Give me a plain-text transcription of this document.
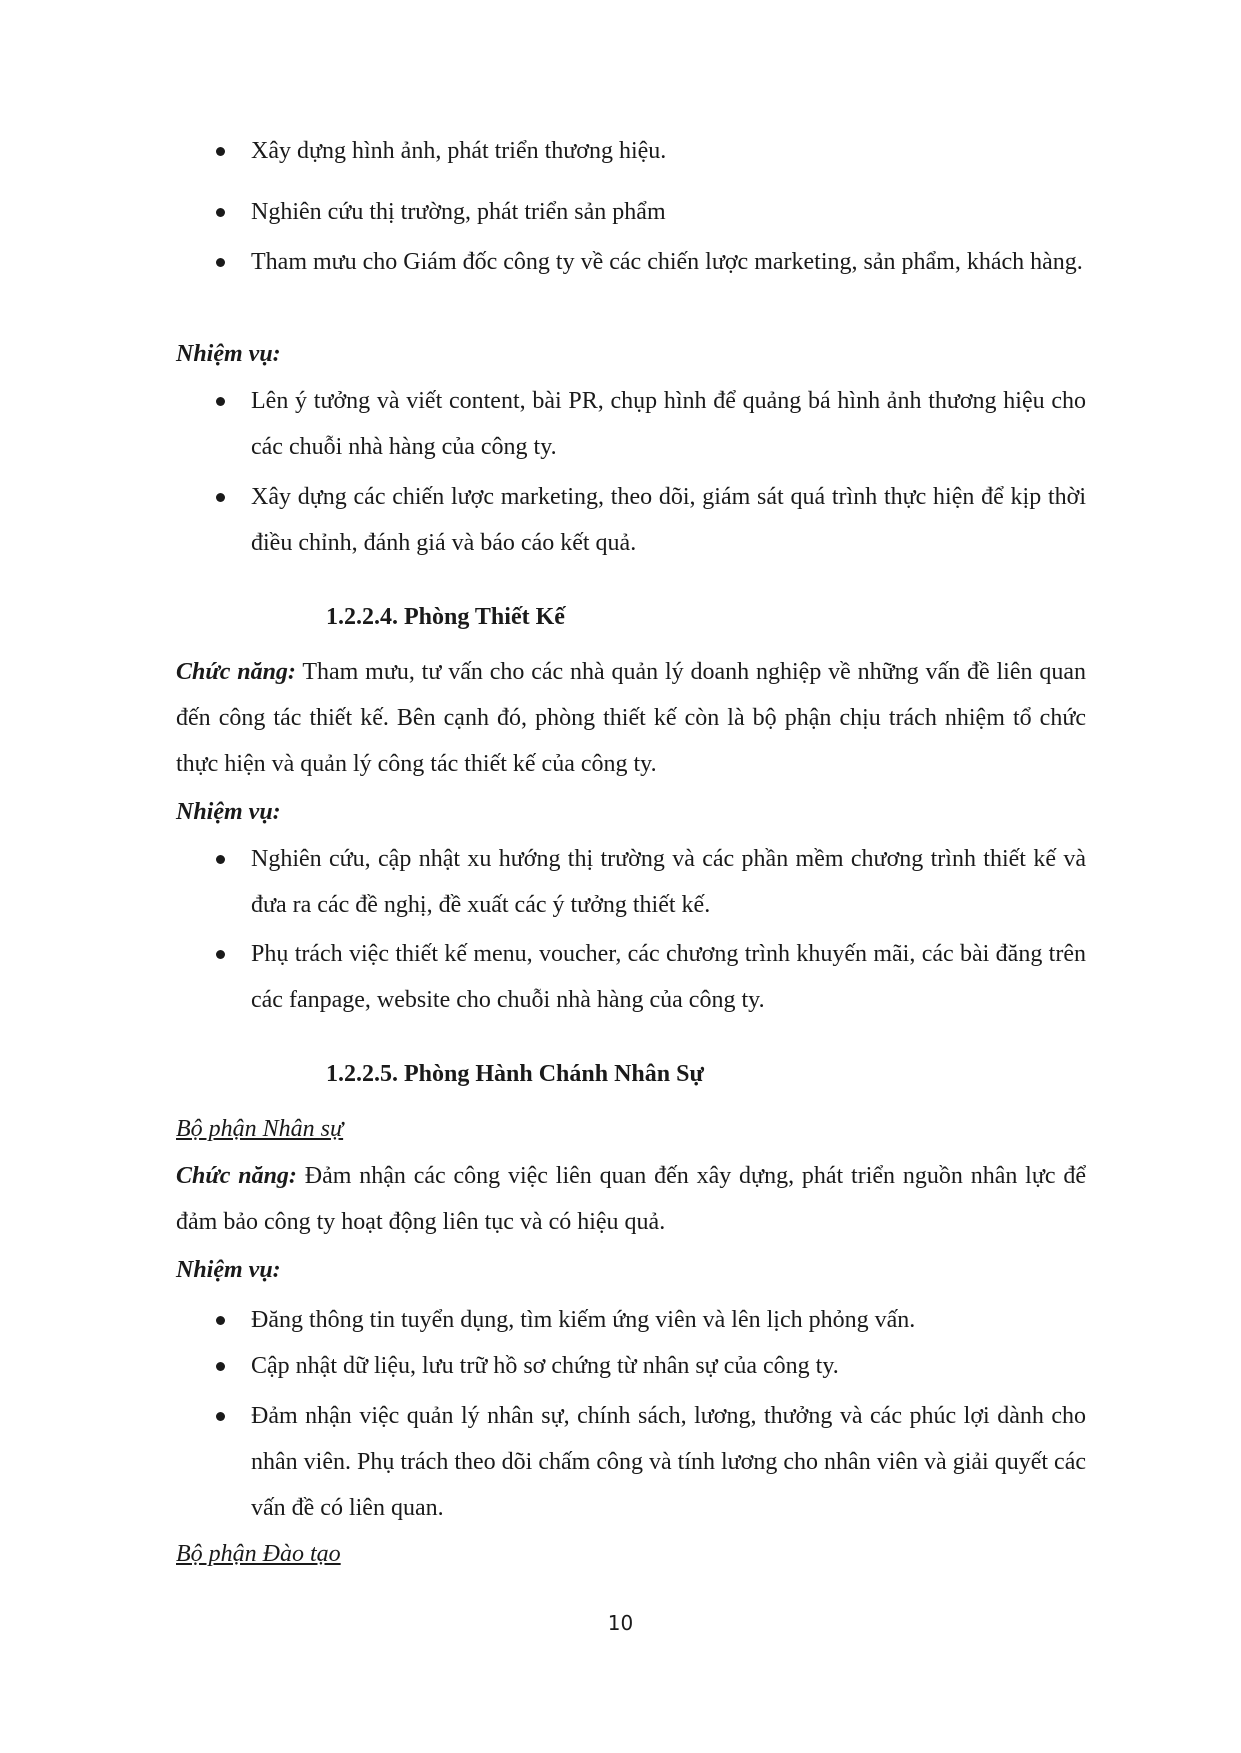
Xây dựng hình ảnh, phát triển thương hiệu.
Nghiên cứu thị trường, phát triển sản phẩm
Tham mưu cho Giám đốc công ty về các chiến lược marketing, sản phẩm, khách hàng.
Nhiệm vụ:
Lên ý tưởng và viết content, bài PR, chụp hình để quảng bá hình ảnh thương hiệu cho các chuỗi nhà hàng của công ty.
Xây dựng các chiến lược marketing, theo dõi, giám sát quá trình thực hiện để kịp thời điều chỉnh, đánh giá và báo cáo kết quả.
1.2.2.4. Phòng Thiết Kế
Chức năng: Tham mưu, tư vấn cho các nhà quản lý doanh nghiệp về những vấn đề liên quan đến công tác thiết kế. Bên cạnh đó, phòng thiết kế còn là bộ phận chịu trách nhiệm tổ chức thực hiện và quản lý công tác thiết kế của công ty.
Nhiệm vụ:
Nghiên cứu, cập nhật xu hướng thị trường và các phần mềm chương trình thiết kế và đưa ra các đề nghị, đề xuất các ý tưởng thiết kế.
Phụ trách việc thiết kế menu, voucher, các chương trình khuyến mãi, các bài đăng trên các fanpage, website cho chuỗi nhà hàng của công ty.
1.2.2.5. Phòng Hành Chánh Nhân Sự
Bộ phận Nhân sự
Chức năng: Đảm nhận các công việc liên quan đến xây dựng, phát triển nguồn nhân lực để đảm bảo công ty hoạt động liên tục và có hiệu quả.
Nhiệm vụ:
Đăng thông tin tuyển dụng, tìm kiếm ứng viên và lên lịch phỏng vấn.
Cập nhật dữ liệu, lưu trữ hồ sơ chứng từ nhân sự của công ty.
Đảm nhận việc quản lý nhân sự, chính sách, lương, thưởng và các phúc lợi dành cho nhân viên. Phụ trách theo dõi chấm công và tính lương cho nhân viên và giải quyết các vấn đề có liên quan.
Bộ phận Đào tạo
10
